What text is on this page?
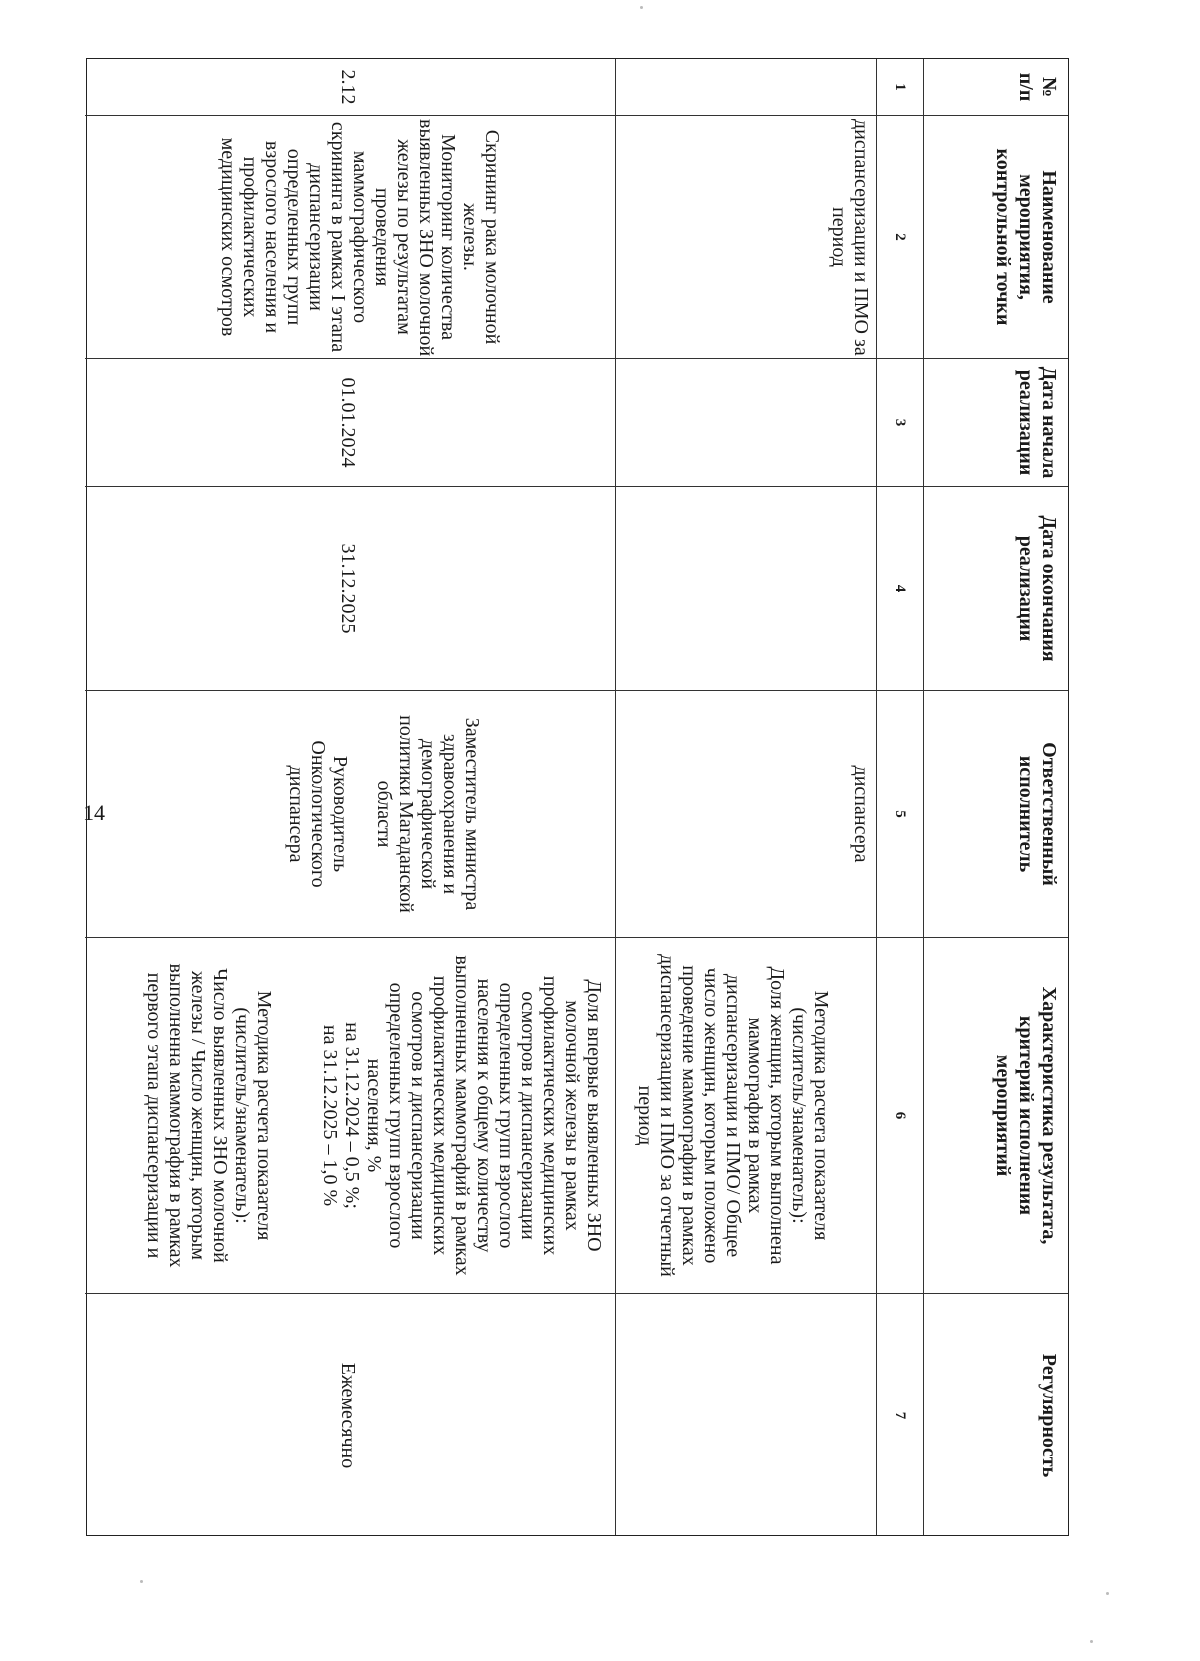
14
№
п/п
Наименование
мероприятия,
контрольной точки
Дата начала
реализации
Дата окончания
реализации
Ответственный
исполнитель
Характеристика результата,
критерий исполнения
мероприятий
Регулярность
1
2
3
4
5
6
7
диспансеризации и ПМО за
период
диспансера
Методика расчета показателя
(числитель/знаменатель):
Доля женщин, которым выполнена
маммография в рамках
диспансеризации и ПМО/ Общее
число женщин, которым положено
проведение маммографии в рамках
диспансеризации и ПМО за отчетный
период
2.12
Скрининг рака молочной
железы.
Мониторинг количества
выявленных ЗНО молочной
железы по результатам
проведения
маммографического
скрининга в рамках I этапа
диспансеризации
определенных групп
взрослого населения и
профилактических
медицинских осмотров
01.01.2024
31.12.2025
Заместитель министра
здравоохранения и
демографической
политики Магаданской
области
Руководитель
Онкологического
диспансера
Доля впервые выявленных ЗНО
молочной железы в рамках
профилактических медицинских
осмотров и диспансеризации
определенных групп взрослого
населения к общему количеству
выполненных маммографий в рамках
профилактических медицинских
осмотров и диспансеризации
определенных групп взрослого
населения, %
на 31.12.2024 – 0,5 %;
на 31.12.2025 – 1,0 %
Методика расчета показателя
(числитель/знаменатель):
Число выявленных ЗНО молочной
железы / Число женщин, которым
выполненна маммография в рамках
первого этапа диспансеризации и
Ежемесячно
